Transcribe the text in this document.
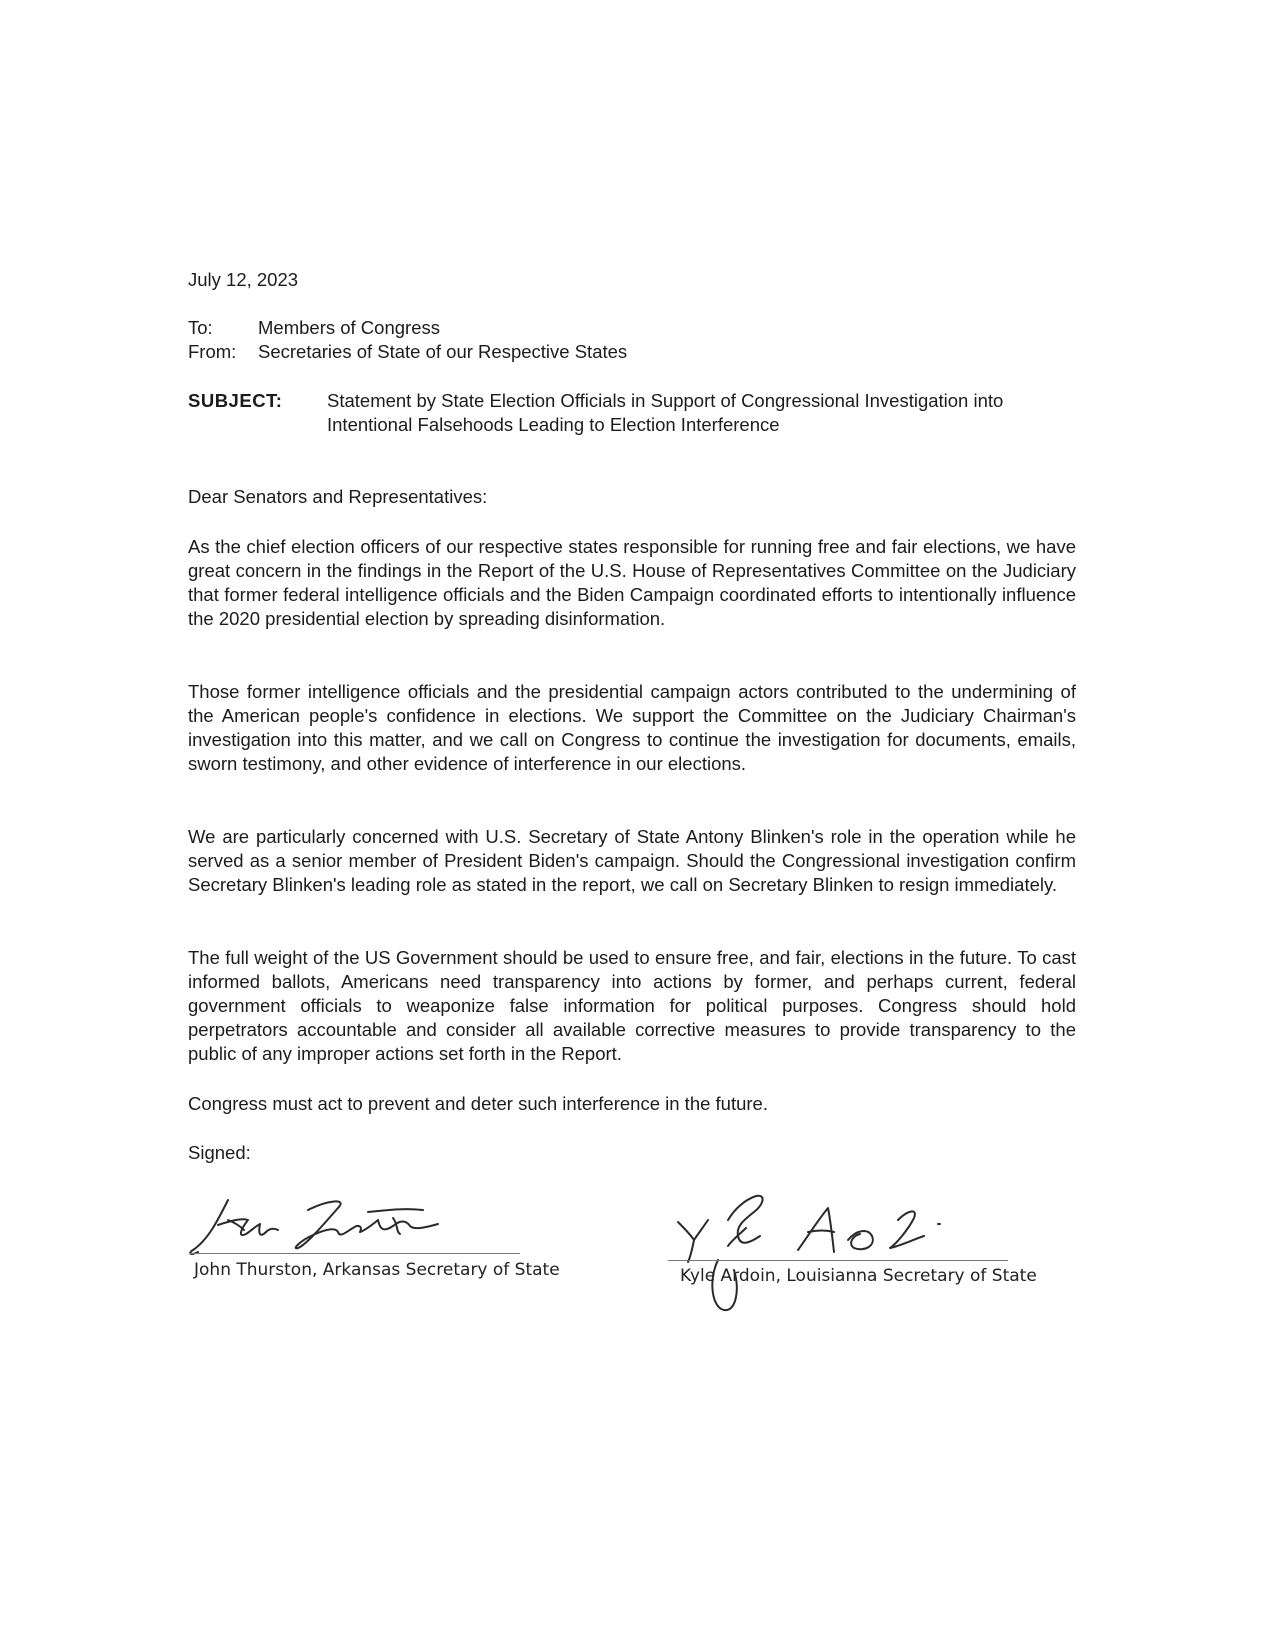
July 12, 2023
To:	Members of Congress
From:	Secretaries of State of our Respective States
SUBJECT:	Statement by State Election Officials in Support of Congressional Investigation into Intentional Falsehoods Leading to Election Interference
Dear Senators and Representatives:

As the chief election officers of our respective states responsible for running free and fair elections, we have great concern in the findings in the Report of the U.S. House of Representatives Committee on the Judiciary that former federal intelligence officials and the Biden Campaign coordinated efforts to intentionally influence the 2020 presidential election by spreading disinformation.

Those former intelligence officials and the presidential campaign actors contributed to the undermining of the American people's confidence in elections. We support the Committee on the Judiciary Chairman's investigation into this matter, and we call on Congress to continue the investigation for documents, emails, sworn testimony, and other evidence of interference in our elections.

We are particularly concerned with U.S. Secretary of State Antony Blinken's role in the operation while he served as a senior member of President Biden's campaign. Should the Congressional investigation confirm Secretary Blinken's leading role as stated in the report, we call on Secretary Blinken to resign immediately.

The full weight of the US Government should be used to ensure free, and fair, elections in the future. To cast informed ballots, Americans need transparency into actions by former, and perhaps current, federal government officials to weaponize false information for political purposes. Congress should hold perpetrators accountable and consider all available corrective measures to provide transparency to the public of any improper actions set forth in the Report.

Congress must act to prevent and deter such interference in the future.

Signed:
John Thurston, Arkansas Secretary of State	Kyle Ardoin, Louisianna Secretary of State
